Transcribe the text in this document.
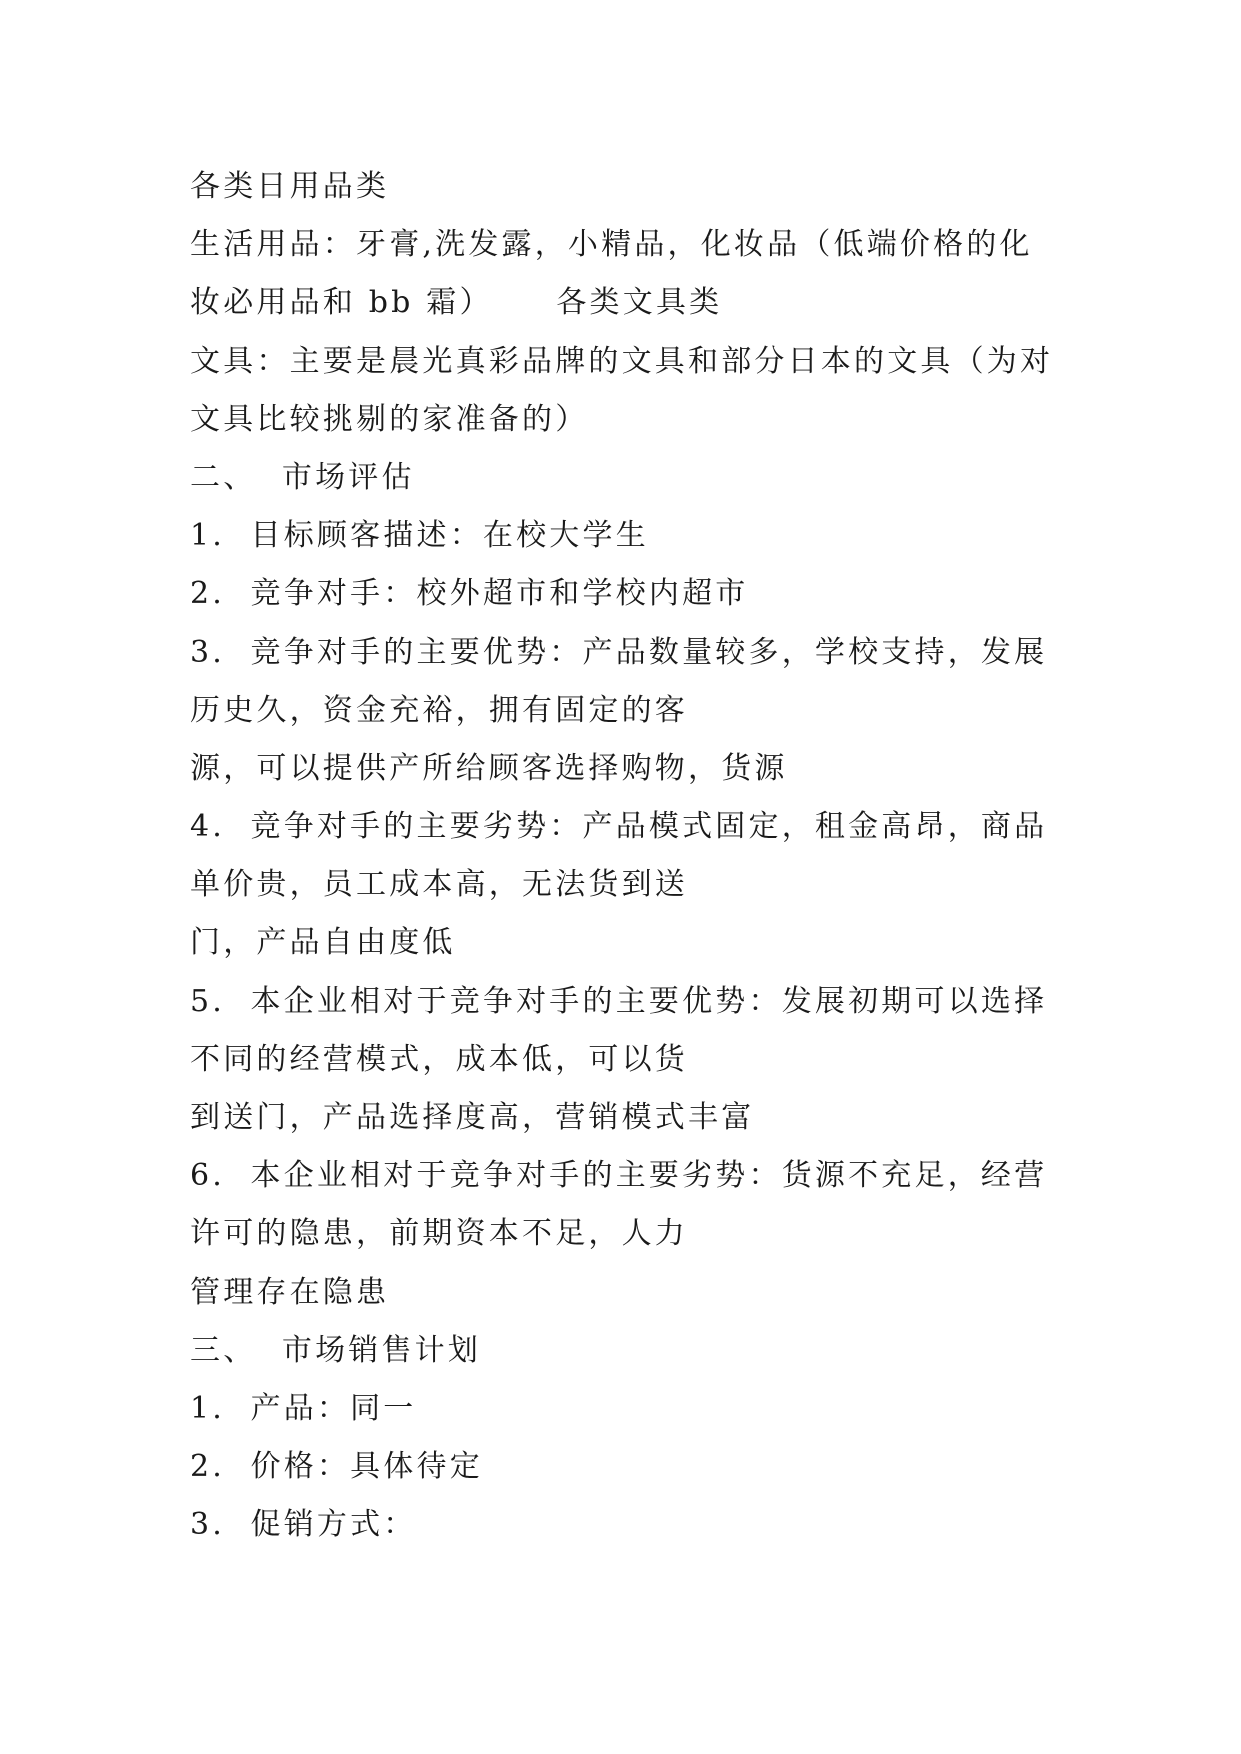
各类日用品类
生活用品：牙膏,洗发露，小精品，化妆品（低端价格的化
妆必用品和 bb 霜）     各类文具类
文具：主要是晨光真彩品牌的文具和部分日本的文具（为对
文具比较挑剔的家准备的）
二、  市场评估
1.  目标顾客描述：在校大学生
2.  竞争对手：校外超市和学校内超市
3.  竞争对手的主要优势：产品数量较多，学校支持，发展
历史久，资金充裕，拥有固定的客
源，可以提供产所给顾客选择购物，货源
4.  竞争对手的主要劣势：产品模式固定，租金高昂，商品
单价贵，员工成本高，无法货到送
门，产品自由度低
5.  本企业相对于竞争对手的主要优势：发展初期可以选择
不同的经营模式，成本低，可以货
到送门，产品选择度高，营销模式丰富
6.  本企业相对于竞争对手的主要劣势：货源不充足，经营
许可的隐患，前期资本不足，人力
管理存在隐患
三、  市场销售计划
1.  产品：同一
2.  价格：具体待定
3.  促销方式：
